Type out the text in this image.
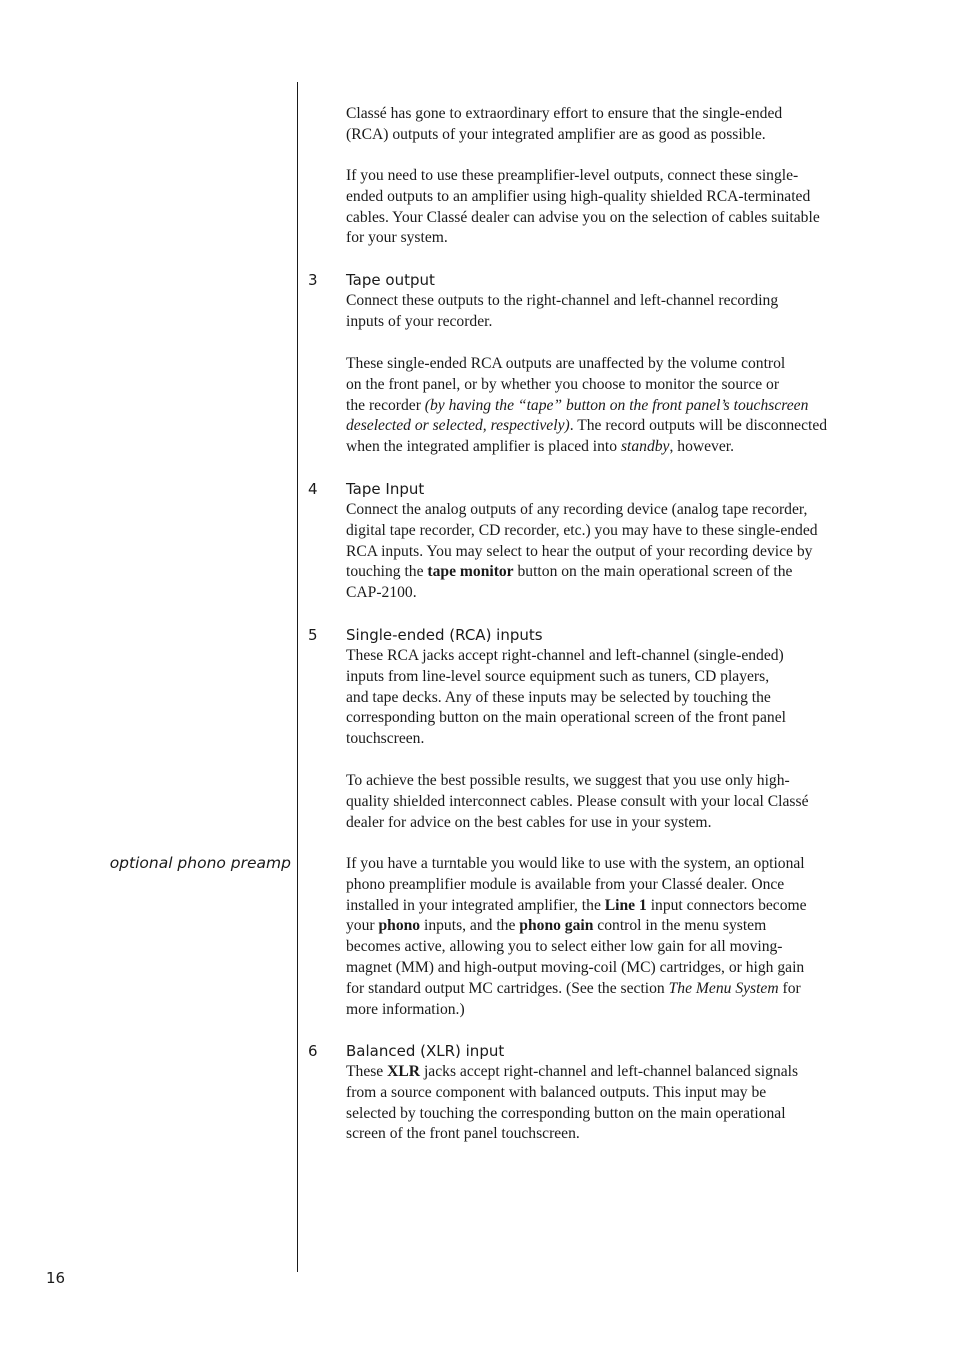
Classé has gone to extraordinary effort to ensure that the single-ended
(RCA) outputs of your integrated amplifier are as good as possible.

If you need to use these preamplifier-level outputs, connect these single-
ended outputs to an amplifier using high-quality shielded RCA-terminated
cables. Your Classé dealer can advise you on the selection of cables suitable
for your system.

3 Tape output

Connect these outputs to the right-channel and left-channel recording
inputs of your recorder.

These single-ended RCA outputs are unaffected by the volume control
on the front panel, or by whether you choose to monitor the source or
the recorder (by having the “tape” button on the front panel’s touchscreen
deselected or selected, respectively). The record outputs will be disconnected
when the integrated amplifier is placed into standby, however.

4 Tape Input

Connect the analog outputs of any recording device (analog tape recorder,
digital tape recorder, CD recorder, etc.) you may have to these single-ended
RCA inputs. You may select to hear the output of your recording device by
touching the tape monitor button on the main operational screen of the
CAP-2100.

5 Single-ended (RCA) inputs

These RCA jacks accept right-channel and left-channel (single-ended)
inputs from line-level source equipment such as tuners, CD players,
and tape decks. Any of these inputs may be selected by touching the
corresponding button on the main operational screen of the front panel
touchscreen.

To achieve the best possible results, we suggest that you use only high-
quality shielded interconnect cables. Please consult with your local Classé
dealer for advice on the best cables for use in your system.

optional phono preamp	If you have a turntable you would like to use with the system, an optional
phono preamplifier module is available from your Classé dealer. Once
installed in your integrated amplifier, the Line 1 input connectors become
your phono inputs, and the phono gain control in the menu system
becomes active, allowing you to select either low gain for all moving-
magnet (MM) and high-output moving-coil (MC) cartridges, or high gain
for standard output MC cartridges. (See the section The Menu System for
more information.)

6 Balanced (XLR) input

These XLR jacks accept right-channel and left-channel balanced signals
from a source component with balanced outputs. This input may be
selected by touching the corresponding button on the main operational
screen of the front panel touchscreen.

16
